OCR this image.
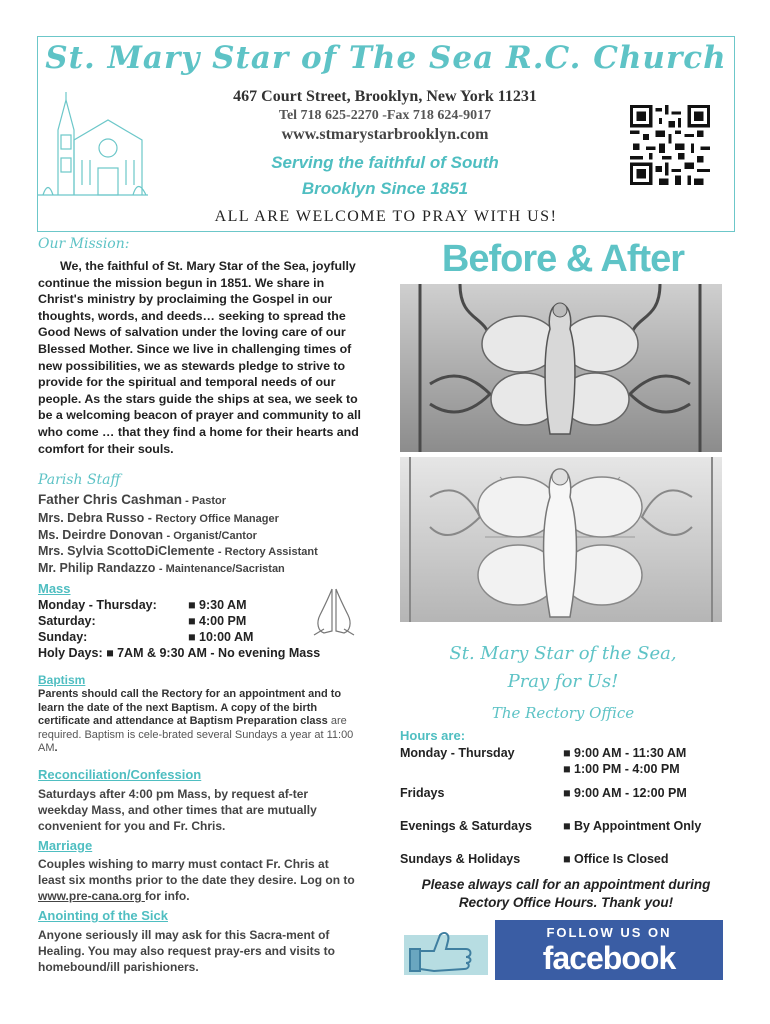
St. Mary Star of The Sea R.C. Church
467 Court Street, Brooklyn, New York 11231
Tel 718 625-2270 -Fax 718 624-9017
www.stmarystarbrooklyn.com
Serving the faithful of South
Brooklyn Since 1851
ALL ARE WELCOME TO PRAY WITH US!
Our Mission:
We, the faithful of St. Mary Star of the Sea, joyfully continue the mission begun in 1851. We share in Christ's ministry by proclaiming the Gospel in our thoughts, words, and deeds… seeking to spread the Good News of salvation under the loving care of our Blessed Mother. Since we live in challenging times of new possibilities, we as stewards pledge to strive to provide for the spiritual and temporal needs of our people. As the stars guide the ships at sea, we seek to be a welcoming beacon of prayer and community to all who come … that they find a home for their hearts and comfort for their souls.
Parish Staff
Father Chris Cashman - Pastor
Mrs. Debra Russo - Rectory Office Manager
Ms. Deirdre Donovan - Organist/Cantor
Mrs. Sylvia ScottoDiClemente - Rectory Assistant
Mr. Philip Randazzo - Maintenance/Sacristan
Mass
Monday - Thursday: ■ 9:30 AM
Saturday:	■ 4:00 PM
Sunday:	■ 10:00 AM
Holy Days: ■ 7AM & 9:30 AM - No evening Mass
Baptism
Parents should call the Rectory for an appointment and to learn the date of the next Baptism. A copy of the birth certificate and attendance at Baptism Preparation class are required. Baptism is cele-brated several Sundays a year at 11:00 AM.
Reconciliation/Confession
Saturdays after 4:00 pm Mass, by request af-ter weekday Mass, and other times that are mutually convenient for you and Fr. Chris.
Marriage
Couples wishing to marry must contact Fr. Chris at least six months prior to the date they desire. Log on to www.pre-cana.org for info.
Anointing of the Sick
Anyone seriously ill may ask for this Sacra-ment of Healing. You may also request pray-ers and visits to homebound/ill parishioners.
Before & After
St. Mary Star of the Sea,
Pray for Us!
The Rectory Office
Hours are:
Monday - Thursday	■ 9:00 AM - 11:30 AM
■ 1:00 PM - 4:00 PM
Fridays	■ 9:00 AM - 12:00 PM
Evenings & Saturdays ■ By Appointment Only
Sundays & Holidays	■ Office Is Closed
Please always call for an appointment during Rectory Office Hours. Thank you!
FOLLOW US ON
facebook
